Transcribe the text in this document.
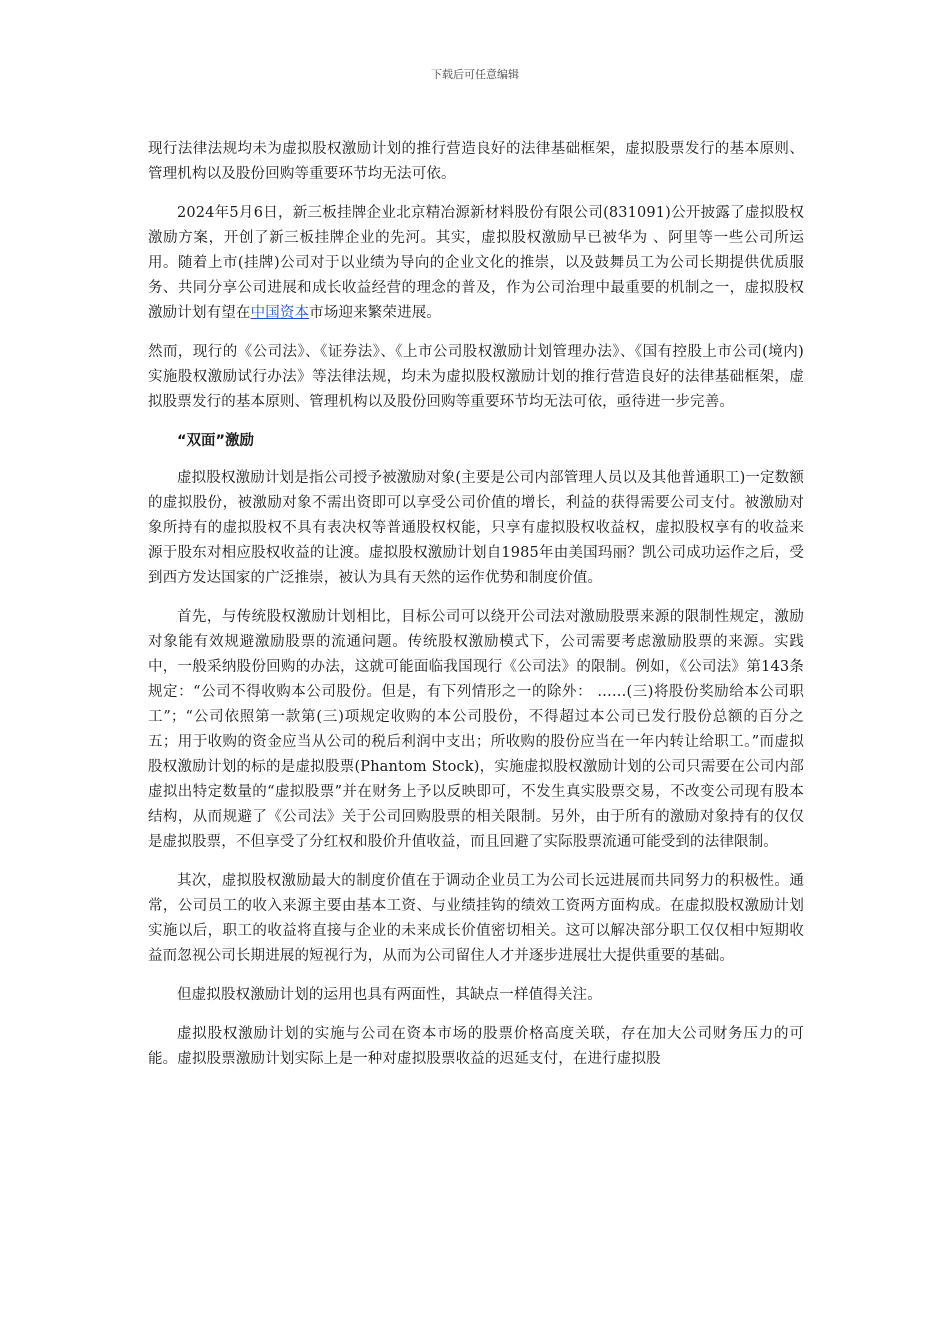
下载后可任意编辑

现行法律法规均未为虚拟股权激励计划的推行营造良好的法律基础框架，虚拟股票发行的基本原则、管理机构以及股份回购等重要环节均无法可依。

2024年5月6日，新三板挂牌企业北京精冶源新材料股份有限公司(831091)公开披露了虚拟股权激励方案，开创了新三板挂牌企业的先河。其实，虚拟股权激励早已被华为 、阿里等一些公司所运用。随着上市(挂牌)公司对于以业绩为导向的企业文化的推崇，以及鼓舞员工为公司长期提供优质服务、共同分享公司进展和成长收益经营的理念的普及，作为公司治理中最重要的机制之一，虚拟股权激励计划有望在中国资本市场迎来繁荣进展。

然而，现行的《公司法》、《证券法》、《上市公司股权激励计划管理办法》、《国有控股上市公司(境内)实施股权激励试行办法》等法律法规，均未为虚拟股权激励计划的推行营造良好的法律基础框架，虚拟股票发行的基本原则、管理机构以及股份回购等重要环节均无法可依，亟待进一步完善。

“双面”激励

虚拟股权激励计划是指公司授予被激励对象(主要是公司内部管理人员以及其他普通职工)一定数额的虚拟股份，被激励对象不需出资即可以享受公司价值的增长，利益的获得需要公司支付。被激励对象所持有的虚拟股权不具有表决权等普通股权权能，只享有虚拟股权收益权，虚拟股权享有的收益来源于股东对相应股权收益的让渡。虚拟股权激励计划自1985年由美国玛丽？凯公司成功运作之后，受到西方发达国家的广泛推崇，被认为具有天然的运作优势和制度价值。

首先，与传统股权激励计划相比，目标公司可以绕开公司法对激励股票来源的限制性规定，激励对象能有效规避激励股票的流通问题。传统股权激励模式下，公司需要考虑激励股票的来源。实践中，一般采纳股份回购的办法，这就可能面临我国现行《公司法》的限制。例如，《公司法》第143条规定：“公司不得收购本公司股份。但是，有下列情形之一的除外： ……(三)将股份奖励给本公司职工”；“公司依照第一款第(三)项规定收购的本公司股份，不得超过本公司已发行股份总额的百分之五；用于收购的资金应当从公司的税后利润中支出；所收购的股份应当在一年内转让给职工。”而虚拟股权激励计划的标的是虚拟股票(Phantom Stock)，实施虚拟股权激励计划的公司只需要在公司内部虚拟出特定数量的“虚拟股票”并在财务上予以反映即可，不发生真实股票交易，不改变公司现有股本结构，从而规避了《公司法》关于公司回购股票的相关限制。另外，由于所有的激励对象持有的仅仅是虚拟股票，不但享受了分红权和股价升值收益，而且回避了实际股票流通可能受到的法律限制。

其次，虚拟股权激励最大的制度价值在于调动企业员工为公司长远进展而共同努力的积极性。通常，公司员工的收入来源主要由基本工资、与业绩挂钩的绩效工资两方面构成。在虚拟股权激励计划实施以后，职工的收益将直接与企业的未来成长价值密切相关。这可以解决部分职工仅仅相中短期收益而忽视公司长期进展的短视行为，从而为公司留住人才并逐步进展壮大提供重要的基础。

但虚拟股权激励计划的运用也具有两面性，其缺点一样值得关注。

虚拟股权激励计划的实施与公司在资本市场的股票价格高度关联，存在加大公司财务压力的可能。虚拟股票激励计划实际上是一种对虚拟股票收益的迟延支付，在进行虚拟股
